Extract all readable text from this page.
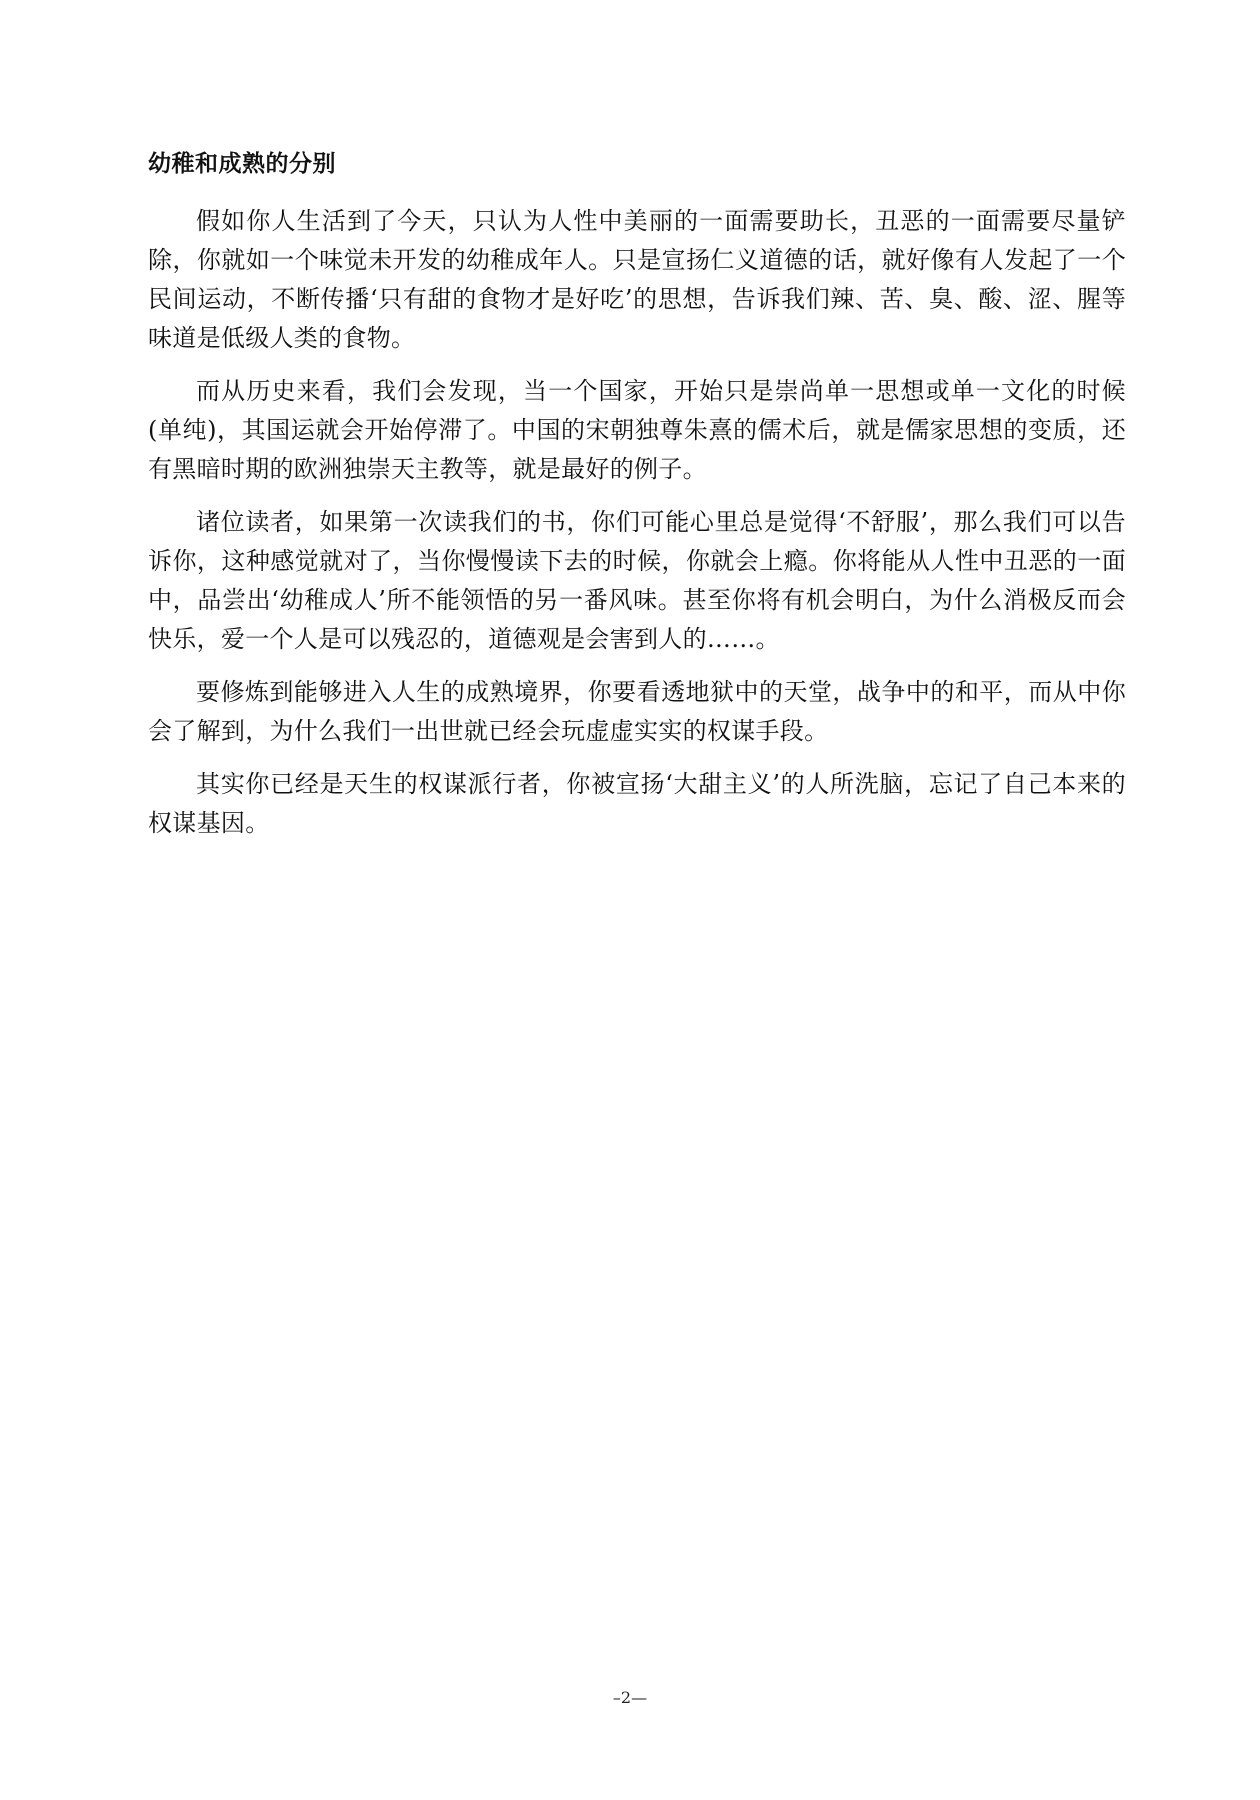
幼稚和成熟的分别

假如你人生活到了今天，只认为人性中美丽的一面需要助长，丑恶的一面需要尽量铲除，你就如一个味觉未开发的幼稚成年人。只是宣扬仁义道德的话，就好像有人发起了一个民间运动，不断传播‘只有甜的食物才是好吃’的思想，告诉我们辣、苦、臭、酸、涩、腥等味道是低级人类的食物。

而从历史来看，我们会发现，当一个国家，开始只是崇尚单一思想或单一文化的时候(单纯)，其国运就会开始停滞了。中国的宋朝独尊朱熹的儒术后，就是儒家思想的变质，还有黑暗时期的欧洲独崇天主教等，就是最好的例子。

诸位读者，如果第一次读我们的书，你们可能心里总是觉得‘不舒服’，那么我们可以告诉你，这种感觉就对了，当你慢慢读下去的时候，你就会上瘾。你将能从人性中丑恶的一面中，品尝出‘幼稚成人’所不能领悟的另一番风味。甚至你将有机会明白，为什么消极反而会快乐，爱一个人是可以残忍的，道德观是会害到人的……。

要修炼到能够进入人生的成熟境界，你要看透地狱中的天堂，战争中的和平，而从中你会了解到，为什么我们一出世就已经会玩虚虚实实的权谋手段。

其实你已经是天生的权谋派行者，你被宣扬‘大甜主义’的人所洗脑，忘记了自己本来的权谋基因。

–2—
